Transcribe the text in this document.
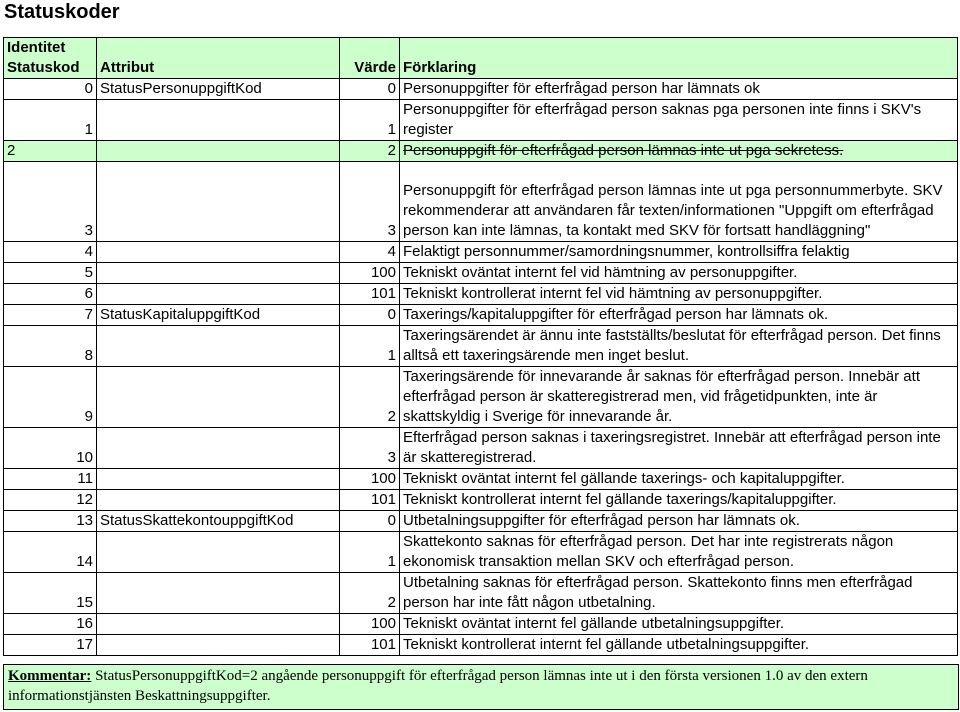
Statuskoder
Identitet
Statuskod	Attribut	Värde	Förklaring
0	StatusPersonuppgiftKod	0	Personuppgifter för efterfrågad person har lämnats ok
1		1	Personuppgifter för efterfrågad person saknas pga personen inte finns i SKV's register
2		2	Personuppgift för efterfrågad person lämnas inte ut pga sekretess.
3		3	Personuppgift för efterfrågad person lämnas inte ut pga personnummerbyte. SKV rekommenderar att användaren får texten/informationen "Uppgift om efterfrågad person kan inte lämnas, ta kontakt med SKV för fortsatt handläggning"
4		4	Felaktigt personnummer/samordningsnummer, kontrollsiffra felaktig
5		100	Tekniskt oväntat internt fel vid hämtning av personuppgifter.
6		101	Tekniskt kontrollerat internt fel vid hämtning av personuppgifter.
7	StatusKapitaluppgiftKod	0	Taxerings/kapitaluppgifter för efterfrågad person har lämnats ok.
8		1	Taxeringsärendet är ännu inte fastställts/beslutat för efterfrågad person. Det finns alltså ett taxeringsärende men inget beslut.
9		2	Taxeringsärende för innevarande år saknas för efterfrågad person. Innebär att efterfrågad person är skatteregistrerad men, vid frågetidpunkten, inte är skattskyldig i Sverige för innevarande år.
10		3	Efterfrågad person saknas i taxeringsregistret. Innebär att efterfrågad person inte är skatteregistrerad.
11		100	Tekniskt oväntat internt fel gällande taxerings- och kapitaluppgifter.
12		101	Tekniskt kontrollerat internt fel gällande taxerings/kapitaluppgifter.
13	StatusSkattekontouppgiftKod	0	Utbetalningsuppgifter för efterfrågad person har lämnats ok.
14		1	Skattekonto saknas för efterfrågad person. Det har inte registrerats någon ekonomisk transaktion mellan SKV och efterfrågad person.
15		2	Utbetalning saknas för efterfrågad person. Skattekonto finns men efterfrågad person har inte fått någon utbetalning.
16		100	Tekniskt oväntat internt fel gällande utbetalningsuppgifter.
17		101	Tekniskt kontrollerat internt fel gällande utbetalningsuppgifter.
Kommentar: StatusPersonuppgiftKod=2 angående personuppgift för efterfrågad person lämnas inte ut i den första versionen 1.0 av den extern informationstjänsten Beskattningsuppgifter.
